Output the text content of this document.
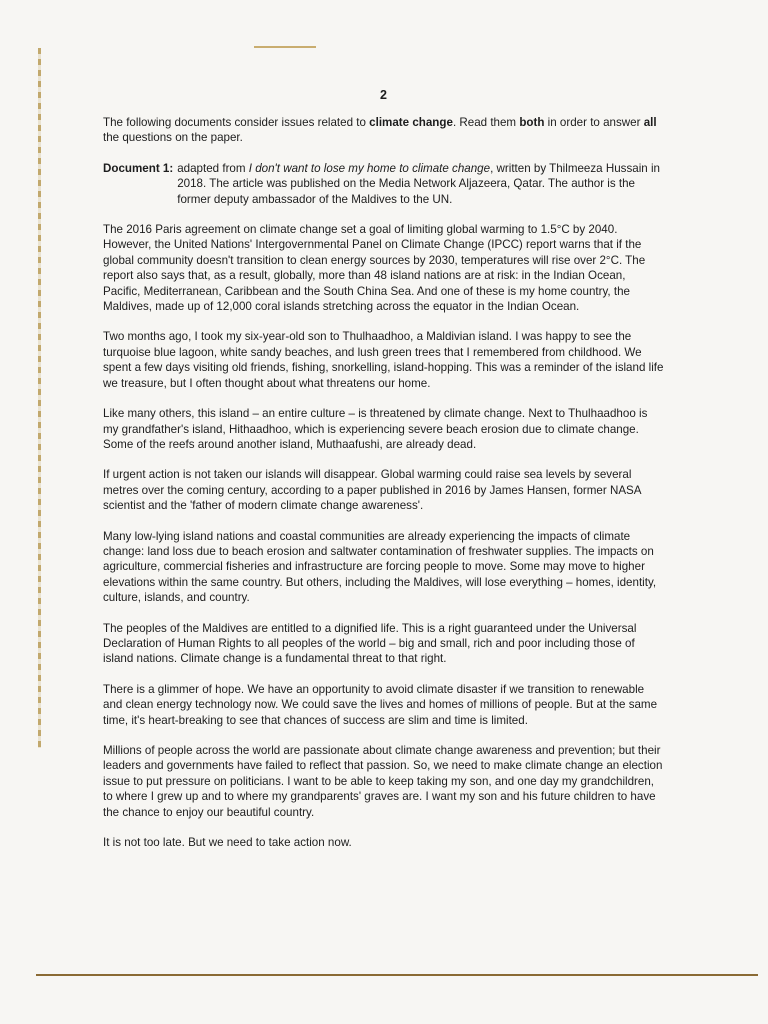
2

The following documents consider issues related to climate change. Read them both in order to answer all the questions on the paper.

Document 1: adapted from I don't want to lose my home to climate change, written by Thilmeeza Hussain in 2018. The article was published on the Media Network Aljazeera, Qatar. The author is the former deputy ambassador of the Maldives to the UN.

The 2016 Paris agreement on climate change set a goal of limiting global warming to 1.5°C by 2040. However, the United Nations' Intergovernmental Panel on Climate Change (IPCC) report warns that if the global community doesn't transition to clean energy sources by 2030, temperatures will rise over 2°C. The report also says that, as a result, globally, more than 48 island nations are at risk: in the Indian Ocean, Pacific, Mediterranean, Caribbean and the South China Sea. And one of these is my home country, the Maldives, made up of 12,000 coral islands stretching across the equator in the Indian Ocean.

Two months ago, I took my six-year-old son to Thulhaadhoo, a Maldivian island. I was happy to see the turquoise blue lagoon, white sandy beaches, and lush green trees that I remembered from childhood. We spent a few days visiting old friends, fishing, snorkelling, island-hopping. This was a reminder of the island life we treasure, but I often thought about what threatens our home.

Like many others, this island – an entire culture – is threatened by climate change. Next to Thulhaadhoo is my grandfather's island, Hithaadhoo, which is experiencing severe beach erosion due to climate change. Some of the reefs around another island, Muthaafushi, are already dead.

If urgent action is not taken our islands will disappear. Global warming could raise sea levels by several metres over the coming century, according to a paper published in 2016 by James Hansen, former NASA scientist and the 'father of modern climate change awareness'.

Many low-lying island nations and coastal communities are already experiencing the impacts of climate change: land loss due to beach erosion and saltwater contamination of freshwater supplies. The impacts on agriculture, commercial fisheries and infrastructure are forcing people to move. Some may move to higher elevations within the same country. But others, including the Maldives, will lose everything – homes, identity, culture, islands, and country.

The peoples of the Maldives are entitled to a dignified life. This is a right guaranteed under the Universal Declaration of Human Rights to all peoples of the world – big and small, rich and poor including those of island nations. Climate change is a fundamental threat to that right.

There is a glimmer of hope. We have an opportunity to avoid climate disaster if we transition to renewable and clean energy technology now. We could save the lives and homes of millions of people. But at the same time, it's heart-breaking to see that chances of success are slim and time is limited.

Millions of people across the world are passionate about climate change awareness and prevention; but their leaders and governments have failed to reflect that passion. So, we need to make climate change an election issue to put pressure on politicians. I want to be able to keep taking my son, and one day my grandchildren, to where I grew up and to where my grandparents' graves are. I want my son and his future children to have the chance to enjoy our beautiful country.

It is not too late. But we need to take action now.
